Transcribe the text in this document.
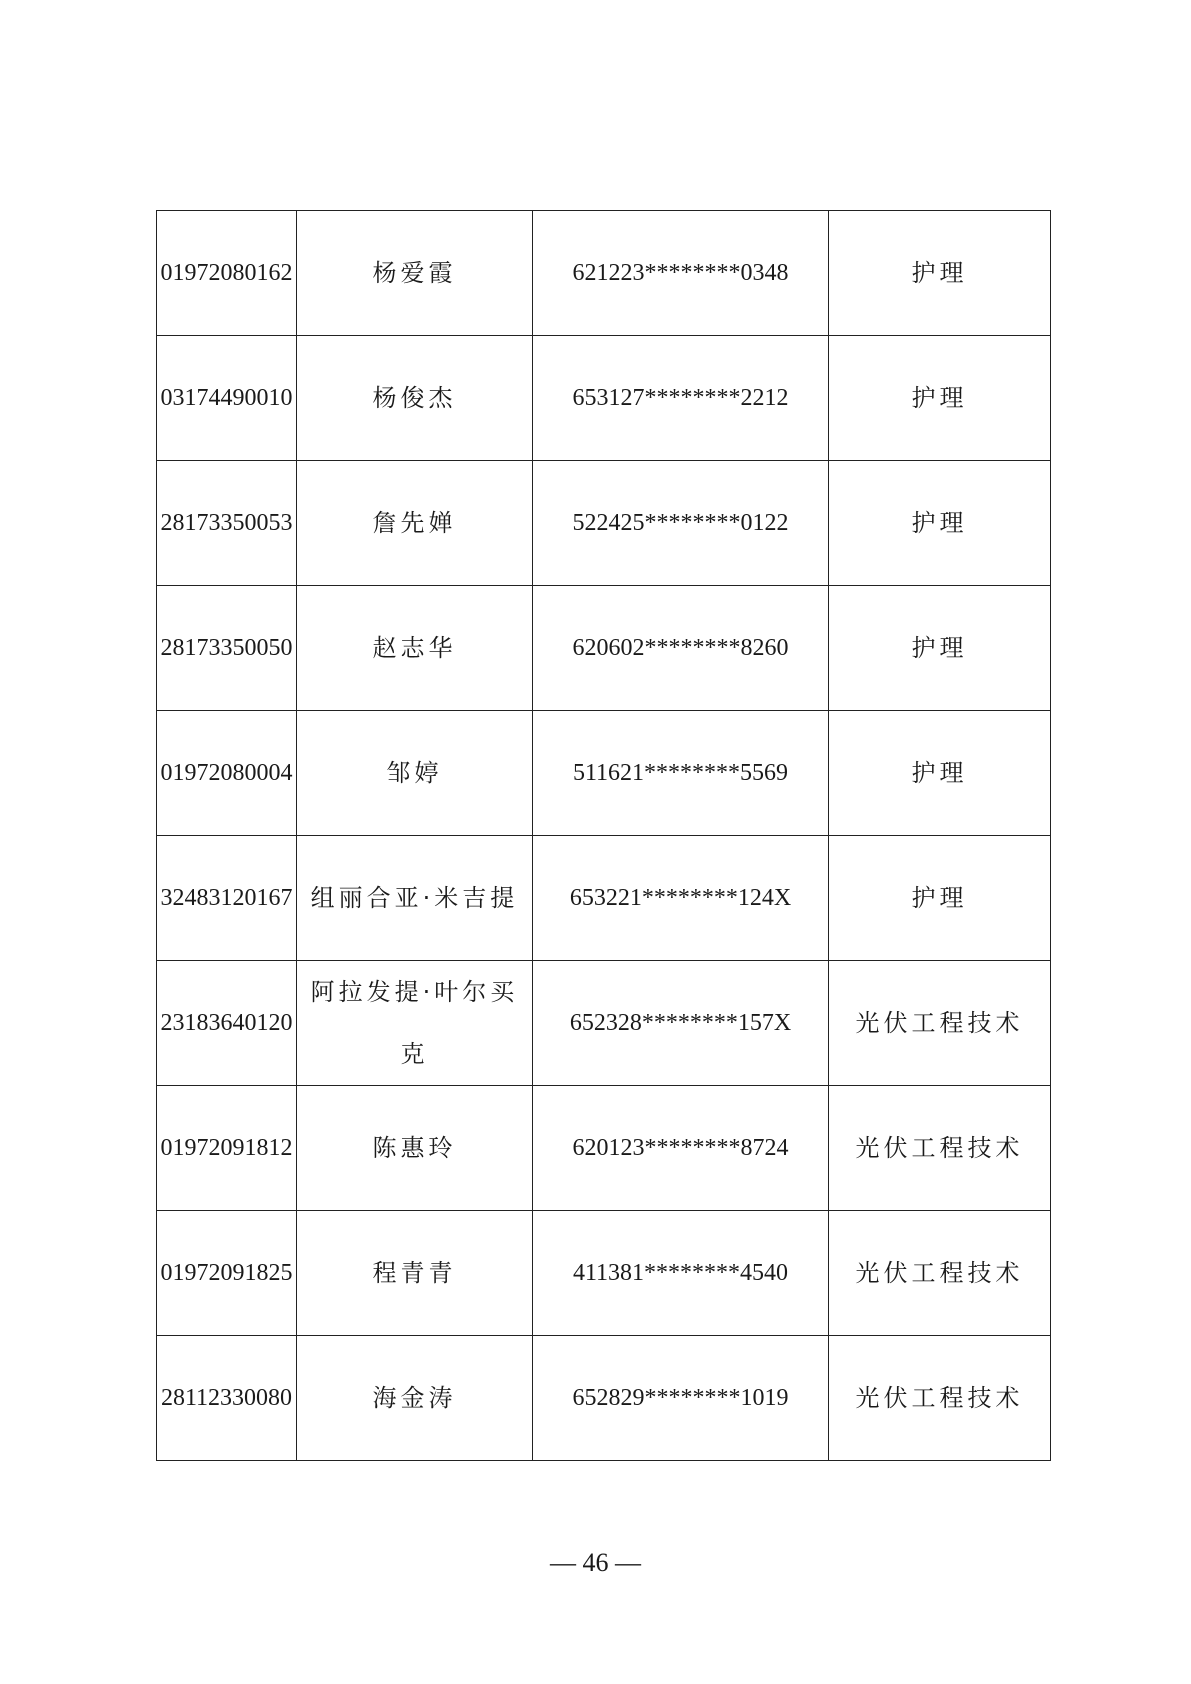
01972080162	杨爱霞	621223********0348	护理
03174490010	杨俊杰	653127********2212	护理
28173350053	詹先婵	522425********0122	护理
28173350050	赵志华	620602********8260	护理
01972080004	邹婷	511621********5569	护理
32483120167	组丽合亚·米吉提	653221********124X	护理
23183640120	阿拉发提·叶尔买克	652328********157X	光伏工程技术
01972091812	陈惠玲	620123********8724	光伏工程技术
01972091825	程青青	411381********4540	光伏工程技术
28112330080	海金涛	652829********1019	光伏工程技术
— 46 —
